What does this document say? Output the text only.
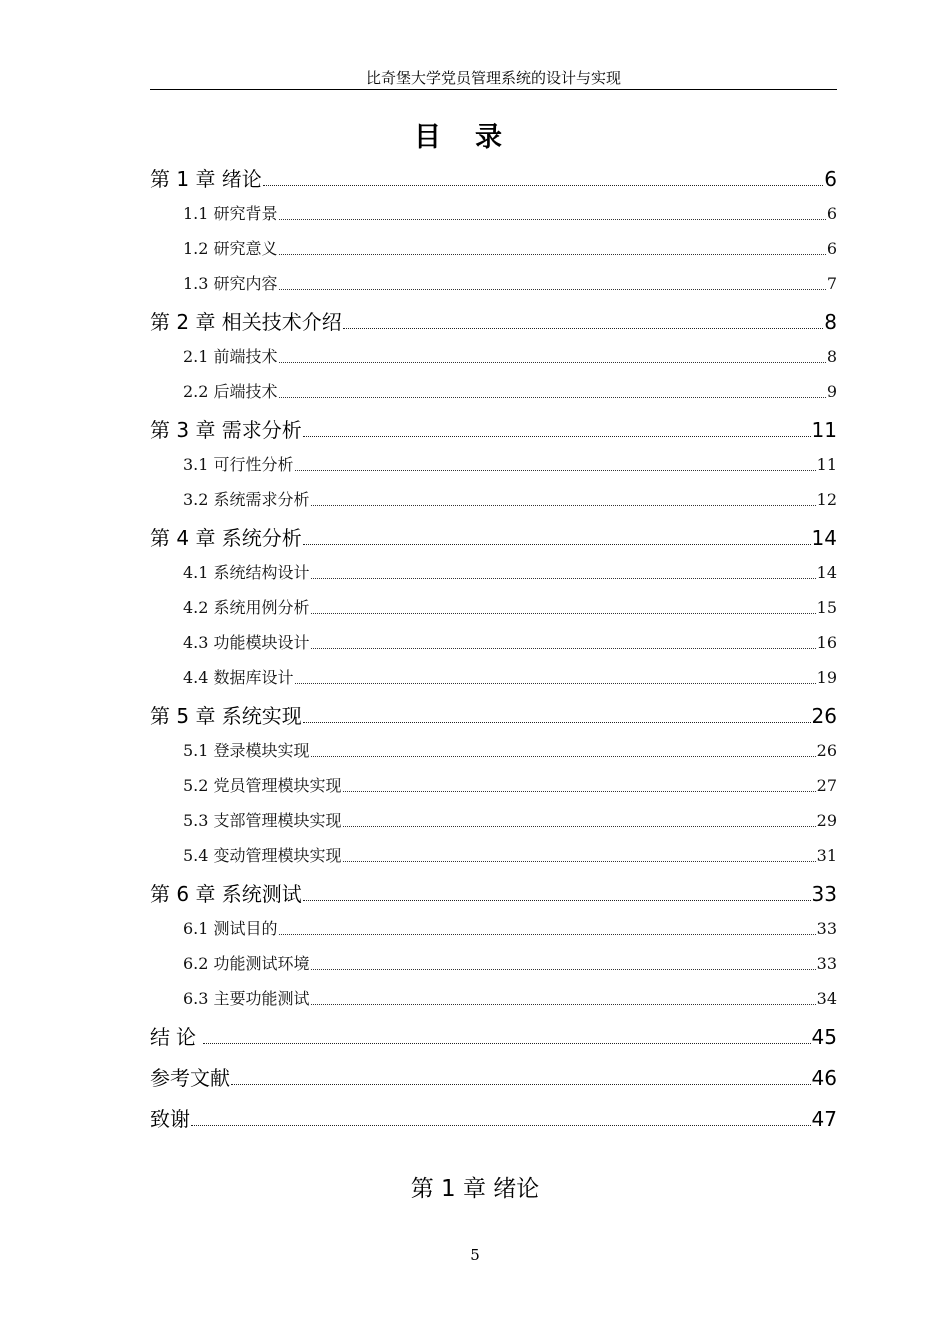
比奇堡大学党员管理系统的设计与实现
目录
第 1 章 绪论	6
1.1 研究背景	6
1.2 研究意义	6
1.3 研究内容	7
第 2 章 相关技术介绍	8
2.1 前端技术	8
2.2 后端技术	9
第 3 章 需求分析	11
3.1 可行性分析	11
3.2 系统需求分析	12
第 4 章 系统分析	14
4.1 系统结构设计	14
4.2 系统用例分析	15
4.3 功能模块设计	16
4.4 数据库设计	19
第 5 章 系统实现	26
5.1 登录模块实现	26
5.2 党员管理模块实现	27
5.3 支部管理模块实现	29
5.4 变动管理模块实现	31
第 6 章 系统测试	33
6.1 测试目的	33
6.2 功能测试环境	33
6.3 主要功能测试	34
结论	45
参考文献	46
致谢	47
第 1 章 绪论
5
